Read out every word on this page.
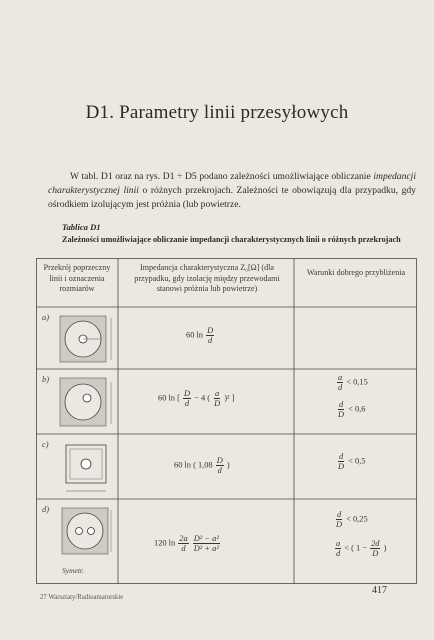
D1. Parametry linii przesyłowych

W tabl. D1 oraz na rys. D1 ÷ D5 podano zależności umożliwiające obliczanie impedancji charakterystycznej linii o różnych przekrojach. Zależności te obowiązują dla przypadku, gdy ośrodkiem izolującym jest próżnia (lub powietrze.

Tablica D1
Zależności umożliwiające obliczanie impedancji charakterystycznych linii o różnych przekrojach
Przekrój poprzeczny linii i oznaczenia rozmiarów
Impedancja charakterystyczna Z₀[Ω] (dla przypadku, gdy izolację między przewodami stanowi próżnia lub powietrze)
Warunki dobrego przybliżenia
a)
60 $\ln \frac{D}{d}$
b)
60 ln [ $\frac{D}{d} - 4$ ( $\frac{a}{D} )^2$ ]
$\frac{a}{d} < 0,15$
$\frac{d}{D} < 0,6$
c)
60 ln ( $1,08 \frac{D}{d}$ )	$\frac{d}{D} < 0,5$
d)
Symetr.
120 $\ln \frac{2a}{d}$
$\frac{\text{D² − a²}}{\text{D² + a²}}$
$\frac{d}{D} < 0,25$
$\frac{a}{d}$ < ( $1 - \frac{2d}{D}$ )
27 Warsztaty/Radioamatorskie
417
